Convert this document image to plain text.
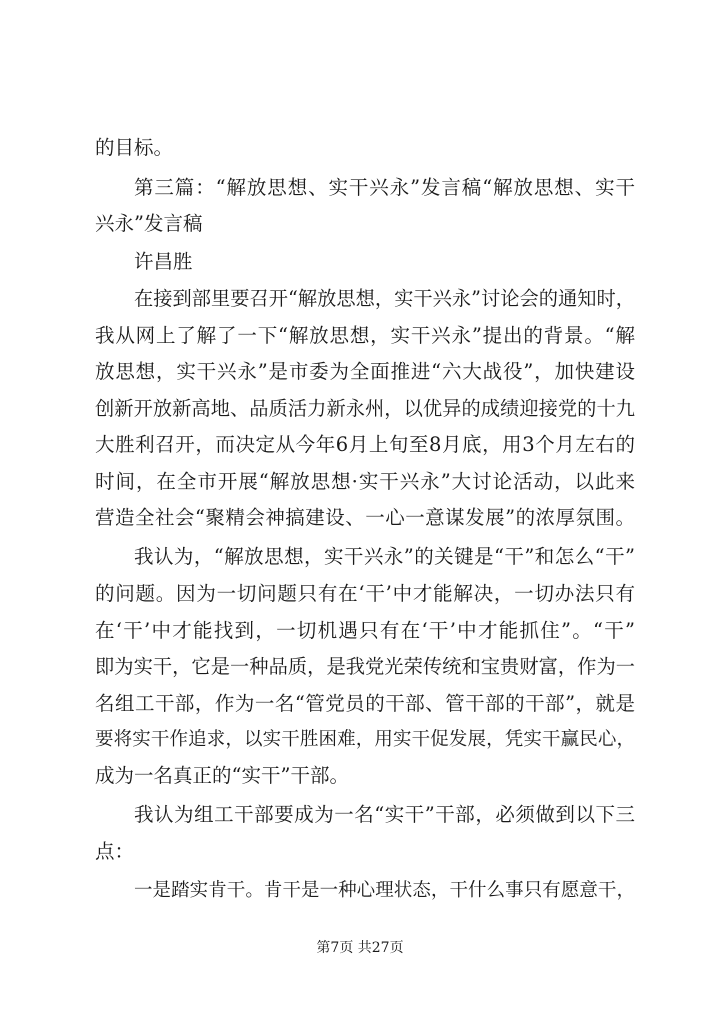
的目标。
第三篇：“解放思想、实干兴永”发言稿“解放思想、实干
兴永”发言稿
许昌胜
在接到部里要召开“解放思想，实干兴永”讨论会的通知时，
我从网上了解了一下“解放思想，实干兴永”提出的背景。“解
放思想，实干兴永”是市委为全面推进“六大战役”，加快建设
创新开放新高地、品质活力新永州，以优异的成绩迎接党的十九
大胜利召开，而决定从今年6月上旬至8月底，用3个月左右的
时间，在全市开展“解放思想·实干兴永”大讨论活动，以此来
营造全社会“聚精会神搞建设、一心一意谋发展”的浓厚氛围。
我认为，“解放思想，实干兴永”的关键是“干”和怎么“干”
的问题。因为一切问题只有在‘干’中才能解决，一切办法只有
在‘干’中才能找到，一切机遇只有在‘干’中才能抓住”。“干”
即为实干，它是一种品质，是我党光荣传统和宝贵财富，作为一
名组工干部，作为一名“管党员的干部、管干部的干部”，就是
要将实干作追求，以实干胜困难，用实干促发展，凭实干赢民心，
成为一名真正的“实干”干部。
我认为组工干部要成为一名“实干”干部，必须做到以下三
点：
一是踏实肯干。肯干是一种心理状态，干什么事只有愿意干，
第7页 共27页
